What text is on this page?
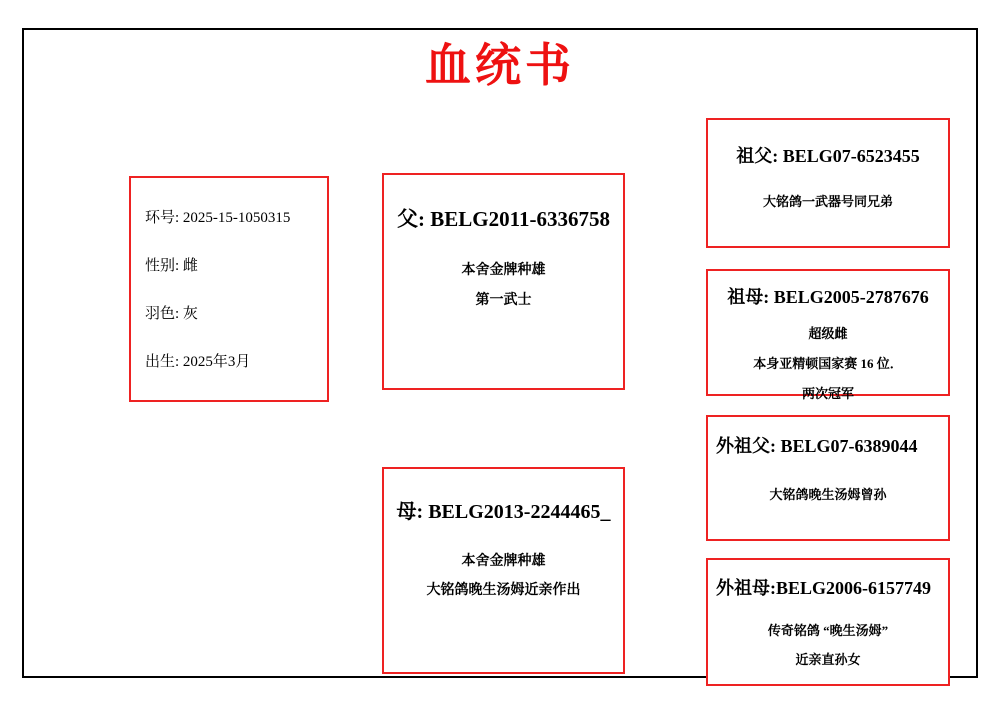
血统书
环号: 2025-15-1050315
性别: 雌
羽色: 灰
出生: 2025年3月
父: BELG2011-6336758
本舍金牌种雄
第一武士
母: BELG2013-2244465_
本舍金牌种雄
大铭鸽晚生汤姆近亲作出
祖父: BELG07-6523455
大铭鸽一武器号同兄弟
祖母: BELG2005-2787676
超级雌
本身亚精顿国家赛 16 位．
两次冠军
外祖父: BELG07-6389044
大铭鸽晚生汤姆曾孙
外祖母:BELG2006-6157749
传奇铭鸽 “晚生汤姆”
近亲直孙女
